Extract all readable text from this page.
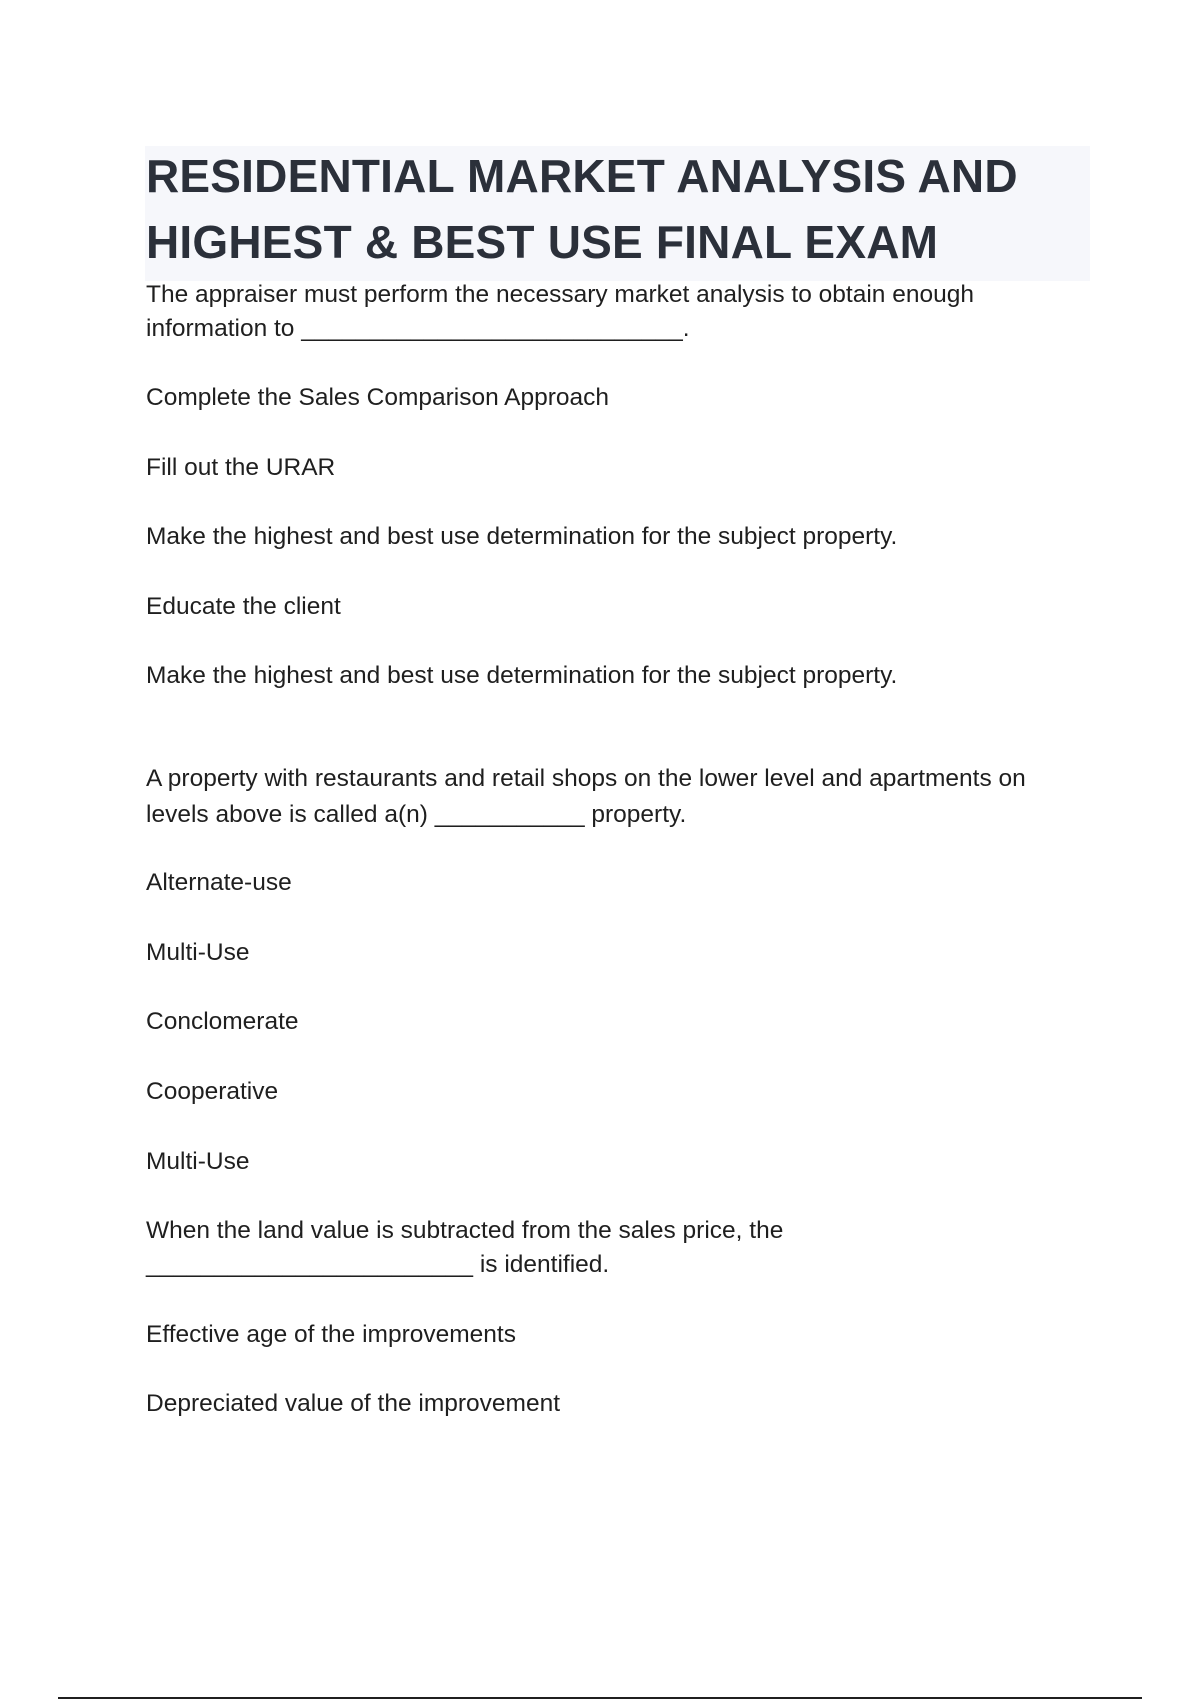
RESIDENTIAL MARKET ANALYSIS AND HIGHEST & BEST USE FINAL EXAM

The appraiser must perform the necessary market analysis to obtain enough

information to ____________________________.

Complete the Sales Comparison Approach

Fill out the URAR

Make the highest and best use determination for the subject property.

Educate the client

Make the highest and best use determination for the subject property.

A property with restaurants and retail shops on the lower level and apartments on

levels above is called a(n) ___________ property.

Alternate-use

Multi-Use

Conclomerate

Cooperative

Multi-Use

When the land value is subtracted from the sales price, the

________________________ is identified.

Effective age of the improvements

Depreciated value of the improvement
